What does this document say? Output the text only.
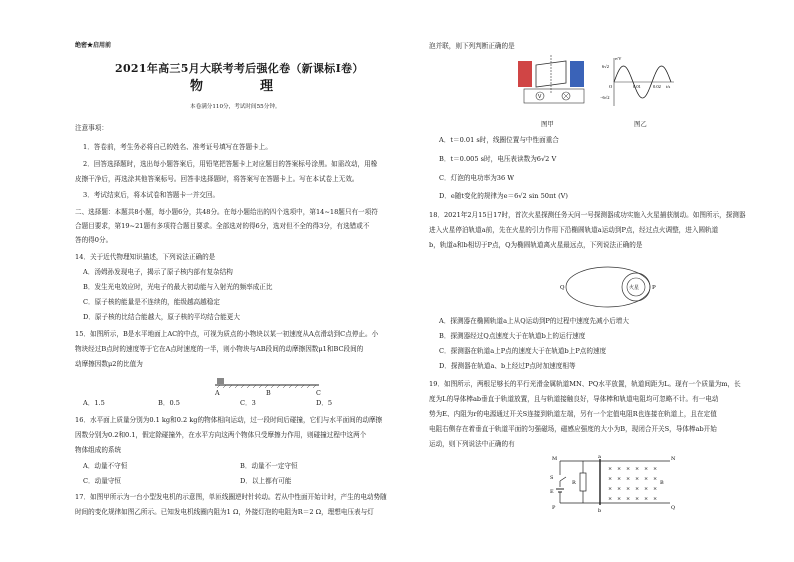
绝密★启用前
2021年高三5月大联考考后强化卷（新课标Ⅰ卷）
物　理
本卷满分110分，考试时间55分钟。
注意事项：
1．答卷前，考生务必将自己的姓名、准考证号填写在答题卡上。
2．回答选择题时，选出每小题答案后，用铅笔把答题卡上对应题目的答案标号涂黑。如需改动，用橡
皮擦干净后，再选涂其他答案标号。回答非选择题时，将答案写在答题卡上。写在本试卷上无效。
3．考试结束后，将本试卷和答题卡一并交回。
二、选择题：本题共8小题，每小题6分，共48分。在每小题给出的四个选项中，第14~18题只有一项符
合题目要求，第19~21题有多项符合题目要求。全部选对的得6分，选对但不全的得3分，有选错或不
答的得0分。
14．关于近代物理知识描述，下列说法正确的是
A．汤姆孙发现电子，揭示了原子核内部有复杂结构
B．发生光电效应时，光电子的最大初动能与入射光的频率成正比
C．原子核的能量是不连续的，能级越高越稳定
D．原子核的比结合能越大，原子核的平均结合能更大
15．如图所示，B是水平地面上AC的中点，可视为质点的小物块以某一初速度从A点滑动到C点停止。小
物块经过B点时的速度等于它在A点时速度的一半，则小物块与AB段间的动摩擦因数μ1和BC段间的
动摩擦因数μ2的比值为
A	B	C
A．1.5	B．0.5	C．3	D．5
16．水平面上质量分别为0.1 kg和0.2 kg的物体相向运动，过一段时间后碰撞，它们与水平面间的动摩擦
因数分别为0.2和0.1，假定除碰撞外，在水平方向这两个物体只受摩擦力作用，则碰撞过程中这两个
物体组成的系统
A．动量不守恒	B．动量不一定守恒
C．动量守恒	D．以上都有可能
17．如图甲所示为一台小型发电机的示意图，单匝线圈逆时针转动。若从中性面开始计时，产生的电动势随
时间的变化规律如图乙所示。已知发电机线圈内阻为1 Ω，外接灯泡的电阻为R＝2 Ω，理想电压表与灯
泡并联，则下列判断正确的是
V
e/V
6√2
−6√2
t/s
O	0.01	0.02
图甲	图乙
A．t＝0.01 s时，线圈位置与中性面重合
B．t＝0.005 s时，电压表读数为6√2 V
C．灯泡的电功率为36 W
D．e随t变化的规律为e＝6√2 sin 50πt (V)
18．2021年2月15日17时，首次火星探测任务天问一号探测器成功实施入火星捕获制动。如图所示，探测器
进入火星停泊轨道a前，先在火星的引力作用下沿椭圆轨道a运动到P点，经过点火调整，进入圆轨道
b，轨道a和b相切于P点，Q为椭圆轨道离火星最远点，下列说法正确的是
火星
Q	P
A．探测器在椭圆轨道a上从Q运动到P的过程中速度先减小后增大
B．探测器经过Q点速度大于在轨道b上的运行速度
C．探测器在轨道a上P点的速度大于在轨道b上P点的速度
D．探测器在轨道a、b上经过P点时加速度相等
19．如图所示，两根足够长的平行光滑金属轨道MN、PQ水平放置，轨道间距为L。现有一个质量为m，长
度为L的导体棒ab垂直于轨道放置，且与轨道接触良好，导体棒和轨道电阻均可忽略不计。有一电动
势为E、内阻为r的电源通过开关S连接到轨道左端，另有一个定值电阻R也连接在轨道上，且在定值
电阻右侧存在着垂直于轨道平面的匀强磁场，磁感应强度的大小为B，现闭合开关S，导体棒ab开始
运动，则下列说法中正确的有
× × × × × ×
× × × × × ×
× × × × × ×
× × × × × ×
M	N
P	Q
a
b
S
E
R	B
